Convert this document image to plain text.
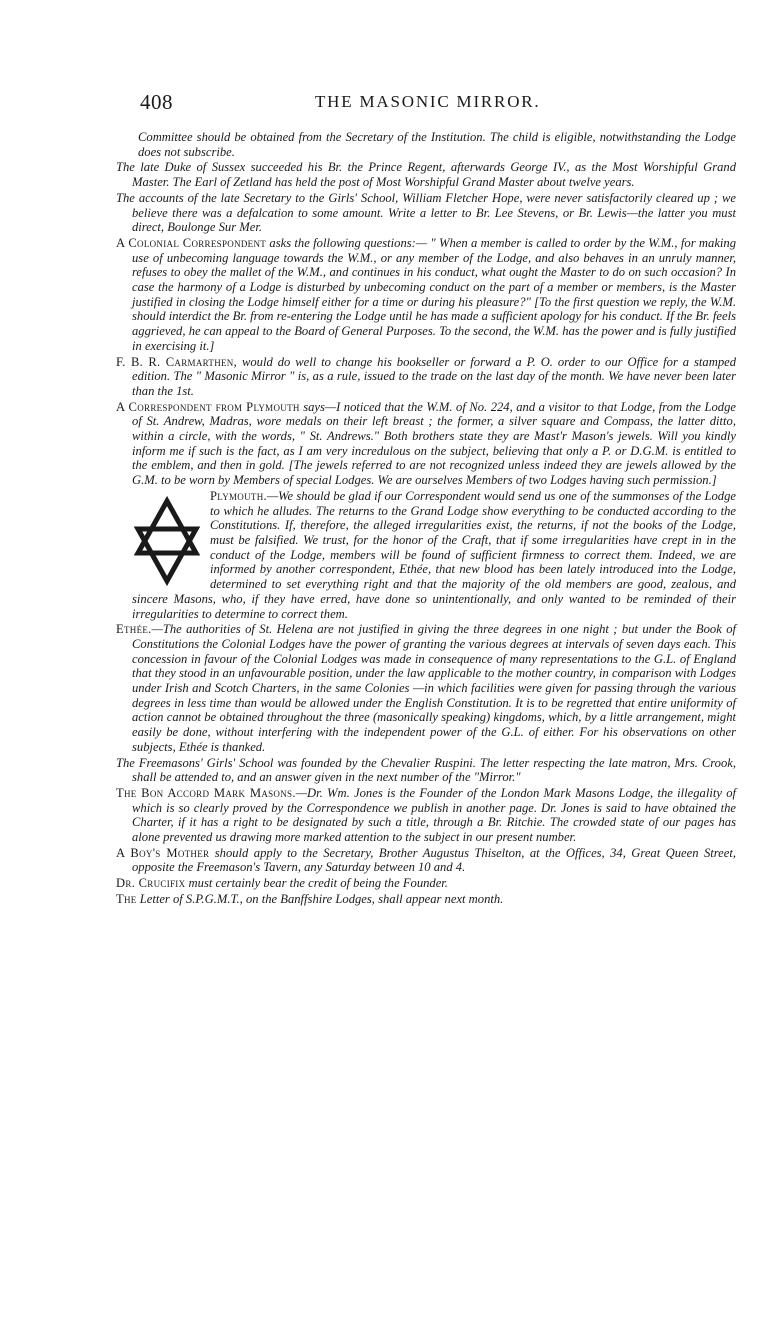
408	THE MASONIC MIRROR.

Committee should be obtained from the Secretary of the Institution. The child is eligible, notwithstanding the Lodge does not subscribe.

The late Duke of Sussex succeeded his Br. the Prince Regent, afterwards George IV., as the Most Worshipful Grand Master. The Earl of Zetland has held the post of Most Worshipful Grand Master about twelve years.

The accounts of the late Secretary to the Girls' School, William Fletcher Hope, were never satisfactorily cleared up ; we believe there was a defalcation to some amount. Write a letter to Br. Lee Stevens, or Br. Lewis—the latter you must direct, Boulonge Sur Mer.

A Colonial Correspondent asks the following questions:— " When a member is called to order by the W.M., for making use of unbecoming language towards the W.M., or any member of the Lodge, and also behaves in an unruly manner, refuses to obey the mallet of the W.M., and continues in his conduct, what ought the Master to do on such occasion? In case the harmony of a Lodge is disturbed by unbecoming conduct on the part of a member or members, is the Master justified in closing the Lodge himself either for a time or during his pleasure?" [To the first question we reply, the W.M. should interdict the Br. from re-entering the Lodge until he has made a sufficient apology for his conduct. If the Br. feels aggrieved, he can appeal to the Board of General Purposes. To the second, the W.M. has the power and is fully justified in exercising it.]

F. B. R. Carmarthen, would do well to change his bookseller or forward a P. O. order to our Office for a stamped edition. The " Masonic Mirror " is, as a rule, issued to the trade on the last day of the month. We have never been later than the 1st.

A Correspondent from Plymouth says—I noticed that the W.M. of No. 224, and a visitor to that Lodge, from the Lodge of St. Andrew, Madras, wore medals on their left breast ; the former, a silver square and Compass, the latter ditto, within a circle, with the words, " St. Andrews." Both brothers state they are Mast'r Mason's jewels. Will you kindly inform me if such is the fact, as I am very incredulous on the subject, believing that only a P. or D.G.M. is entitled to the emblem, and then in gold. [The jewels referred to are not recognized unless indeed they are jewels allowed by the G.M. to be worn by Members of special Lodges. We are ourselves Members of two Lodges having such permission.]

Plymouth.—We should be glad if our Correspondent would send us one of the summonses of the Lodge to which he alludes. The returns to the Grand Lodge show everything to be conducted according to the Constitutions. If, therefore, the alleged irregularities exist, the returns, if not the books of the Lodge, must be falsified. We trust, for the honor of the Craft, that if some irregularities have crept in in the conduct of the Lodge, members will be found of sufficient firmness to correct them. Indeed, we are informed by another correspondent, Ethée, that new blood has been lately introduced into the Lodge, determined to set everything right and that the majority of the old members are good, zealous, and sincere Masons, who, if they have erred, have done so unintentionally, and only wanted to be reminded of their irregularities to determine to correct them.

Ethée.—The authorities of St. Helena are not justified in giving the three degrees in one night ; but under the Book of Constitutions the Colonial Lodges have the power of granting the various degrees at intervals of seven days each. This concession in favour of the Colonial Lodges was made in consequence of many representations to the G.L. of England that they stood in an unfavourable position, under the law applicable to the mother country, in comparison with Lodges under Irish and Scotch Charters, in the same Colonies —in which facilities were given for passing through the various degrees in less time than would be allowed under the English Constitution. It is to be regretted that entire uniformity of action cannot be obtained throughout the three (masonically speaking) kingdoms, which, by a little arrangement, might easily be done, without interfering with the independent power of the G.L. of either. For his observations on other subjects, Ethée is thanked.

The Freemasons' Girls' School was founded by the Chevalier Ruspini. The letter respecting the late matron, Mrs. Crook, shall be attended to, and an answer given in the next number of the "Mirror."

The Bon Accord Mark Masons.—Dr. Wm. Jones is the Founder of the London Mark Masons Lodge, the illegality of which is so clearly proved by the Correspondence we publish in another page. Dr. Jones is said to have obtained the Charter, if it has a right to be designated by such a title, through a Br. Ritchie. The crowded state of our pages has alone prevented us drawing more marked attention to the subject in our present number.

A Boy's Mother should apply to the Secretary, Brother Augustus Thiselton, at the Offices, 34, Great Queen Street, opposite the Freemason's Tavern, any Saturday between 10 and 4.

Dr. Crucifix must certainly bear the credit of being the Founder.

The Letter of S.P.G.M.T., on the Banffshire Lodges, shall appear next month.
